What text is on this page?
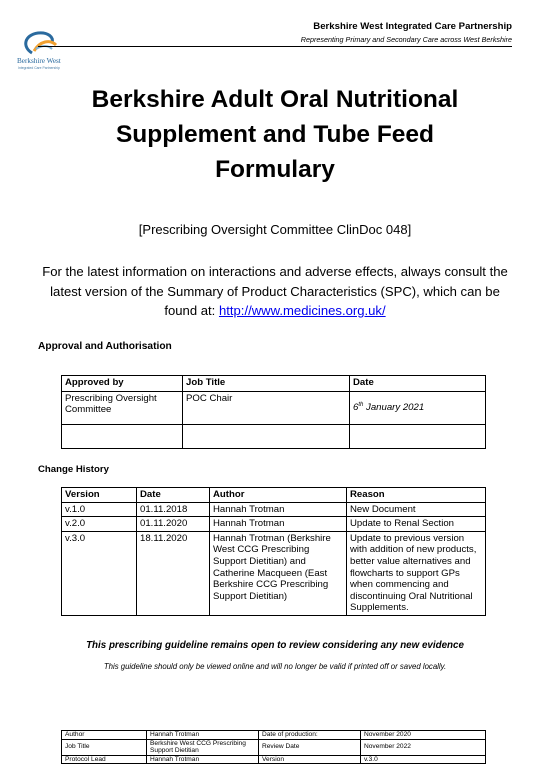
Berkshire West
Integrated Care Partnership
Berkshire West Integrated Care Partnership
Representing Primary and Secondary Care across West Berkshire
Berkshire Adult Oral Nutritional
Supplement and Tube Feed
Formulary
[Prescribing Oversight Committee ClinDoc 048]
For the latest information on interactions and adverse effects, always consult the
latest version of the Summary of Product Characteristics (SPC), which can be
found at: http://www.medicines.org.uk/
Approval and Authorisation
Approved by	Job Title	Date
Prescribing Oversight Committee	POC Chair	6th January 2021

Change History
Version	Date	Author	Reason
v.1.0	01.11.2018	Hannah Trotman	New Document
v.2.0	01.11.2020	Hannah Trotman	Update to Renal Section
v.3.0	18.11.2020	Hannah Trotman (Berkshire West CCG Prescribing Support Dietitian) and Catherine Macqueen (East Berkshire CCG Prescribing Support Dietitian)	Update to previous version with addition of new products, better value alternatives and flowcharts to support GPs when commencing and discontinuing Oral Nutritional Supplements.
This prescribing guideline remains open to review considering any new evidence
This guideline should only be viewed online and will no longer be valid if printed off or saved locally.
Author	Hannah Trotman	Date of production:	November 2020
Job Title	Berkshire West CCG Prescribing Support Dietitian	Review Date	November 2022
Protocol Lead	Hannah Trotman	Version	v.3.0
